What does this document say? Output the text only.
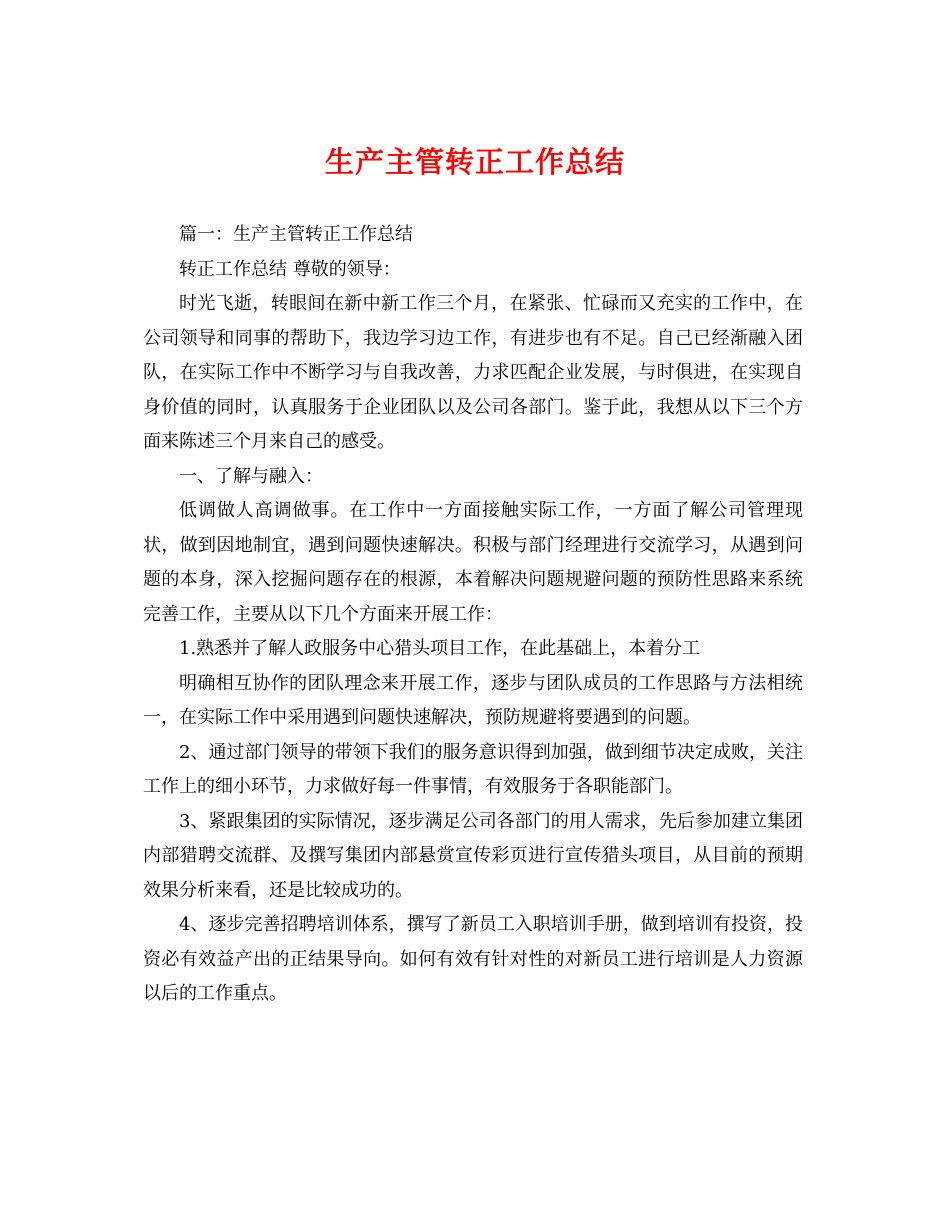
生产主管转正工作总结

篇一：生产主管转正工作总结

转正工作总结 尊敬的领导：

时光飞逝，转眼间在新中新工作三个月，在紧张、忙碌而又充实的工作中，在公司领导和同事的帮助下，我边学习边工作，有进步也有不足。自己已经渐融入团队，在实际工作中不断学习与自我改善，力求匹配企业发展，与时俱进，在实现自身价值的同时，认真服务于企业团队以及公司各部门。鉴于此，我想从以下三个方面来陈述三个月来自己的感受。

一、了解与融入：

低调做人高调做事。在工作中一方面接触实际工作，一方面了解公司管理现状，做到因地制宜，遇到问题快速解决。积极与部门经理进行交流学习，从遇到问题的本身，深入挖掘问题存在的根源，本着解决问题规避问题的预防性思路来系统完善工作，主要从以下几个方面来开展工作：

1.熟悉并了解人政服务中心猎头项目工作，在此基础上，本着分工

明确相互协作的团队理念来开展工作，逐步与团队成员的工作思路与方法相统一，在实际工作中采用遇到问题快速解决，预防规避将要遇到的问题。

2、通过部门领导的带领下我们的服务意识得到加强，做到细节决定成败，关注工作上的细小环节，力求做好每一件事情，有效服务于各职能部门。

3、紧跟集团的实际情况，逐步满足公司各部门的用人需求，先后参加建立集团内部猎聘交流群、及撰写集团内部悬赏宣传彩页进行宣传猎头项目，从目前的预期效果分析来看，还是比较成功的。

4、逐步完善招聘培训体系，撰写了新员工入职培训手册，做到培训有投资，投资必有效益产出的正结果导向。如何有效有针对性的对新员工进行培训是人力资源以后的工作重点。
